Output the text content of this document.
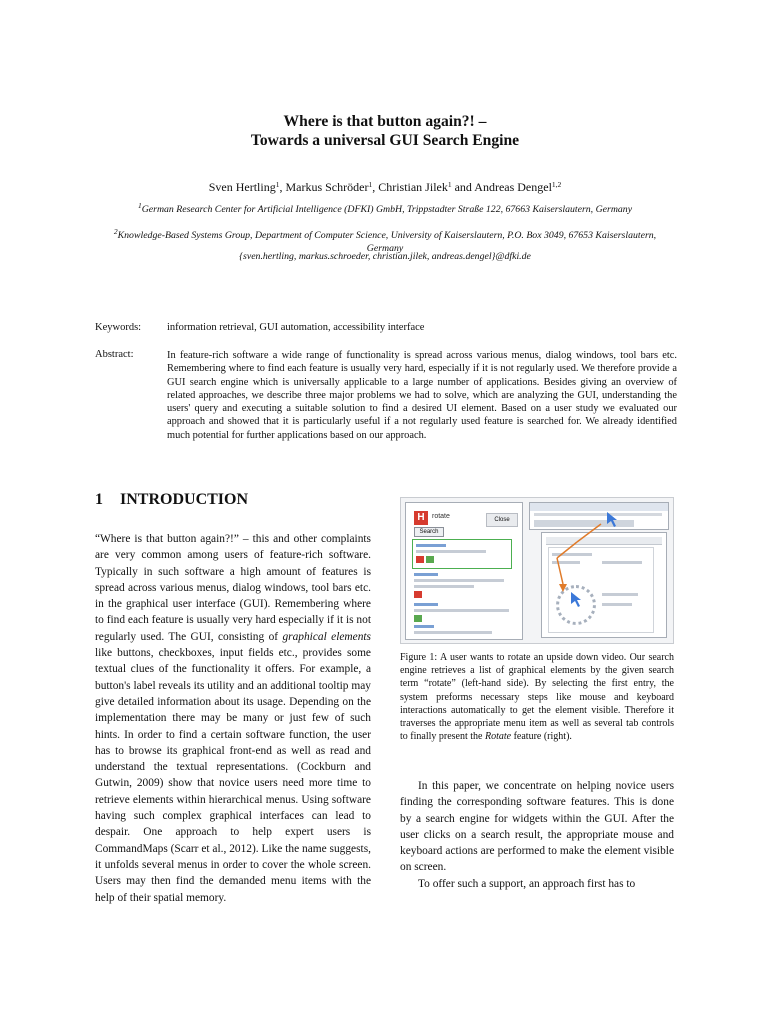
Where is that button again?! –
Towards a universal GUI Search Engine
Sven Hertling$^1$, Markus Schröder$^1$, Christian Jilek$^1$ and Andreas Dengel$^{1,2}$
$^1$German Research Center for Artificial Intelligence (DFKI) GmbH, Trippstadter Straße 122, 67663 Kaiserslautern, Germany
$^2$Knowledge-Based Systems Group, Department of Computer Science, University of Kaiserslautern, P.O. Box 3049, 67653 Kaiserslautern, Germany
{sven.hertling, markus.schroeder, christian.jilek, andreas.dengel}@dfki.de
Keywords: information retrieval, GUI automation, accessibility interface
Abstract:	In feature-rich software a wide range of functionality is spread across various menus, dialog windows, tool bars etc. Remembering where to find each feature is usually very hard, especially if it is not regularly used. We therefore provide a GUI search engine which is universally applicable to a large number of applications. Besides giving an overview of related approaches, we describe three major problems we had to solve, which are analyzing the GUI, understanding the users' query and executing a suitable solution to find a desired UI element. Based on a user study we evaluated our approach and showed that it is particularly useful if a not regularly used feature is searched for. We already identified much potential for further applications based on our approach.
1 INTRODUCTION

“Where is that button again?!” – this and other complaints are very common among users of feature-rich software. Typically in such software a high amount of features is spread across various menus, dialog windows, tool bars etc. in the graphical user interface (GUI). Remembering where to find each feature is usually very hard especially if it is not regularly used. The GUI, consisting of graphical elements like buttons, checkboxes, input fields etc., provides some textual clues of the functionality it offers. For example, a button's label reveals its utility and an additional tooltip may give detailed information about its usage. Depending on the implementation there may be many or just few of such hints. In order to find a certain software function, the user has to browse its graphical front-end as well as read and understand the textual representations. (Cockburn and Gutwin, 2009) show that novice users need more time to retrieve elements within hierarchical menus. Using software having such complex graphical interfaces can lead to despair. One approach to help expert users is CommandMaps (Scarr et al., 2012). Like the name suggests, it unfolds several menus in order to cover the whole screen. Users may then find the demanded menu items with the help of their spatial memory.

H	rotate
Search
Close
Figure 1: A user wants to rotate an upside down video. Our search engine retrieves a list of graphical elements by the given search term “rotate” (left-hand side). By selecting the first entry, the system preforms necessary steps like mouse and keyboard interactions automatically to get the element visible. Therefore it traverses the appropriate menu item as well as several tab controls to finally present the Rotate feature (right).

In this paper, we concentrate on helping novice users finding the corresponding software features. This is done by a search engine for widgets within the GUI. After the user clicks on a search result, the appropriate mouse and keyboard actions are performed to make the element visible on screen.

To offer such a support, an approach first has to
